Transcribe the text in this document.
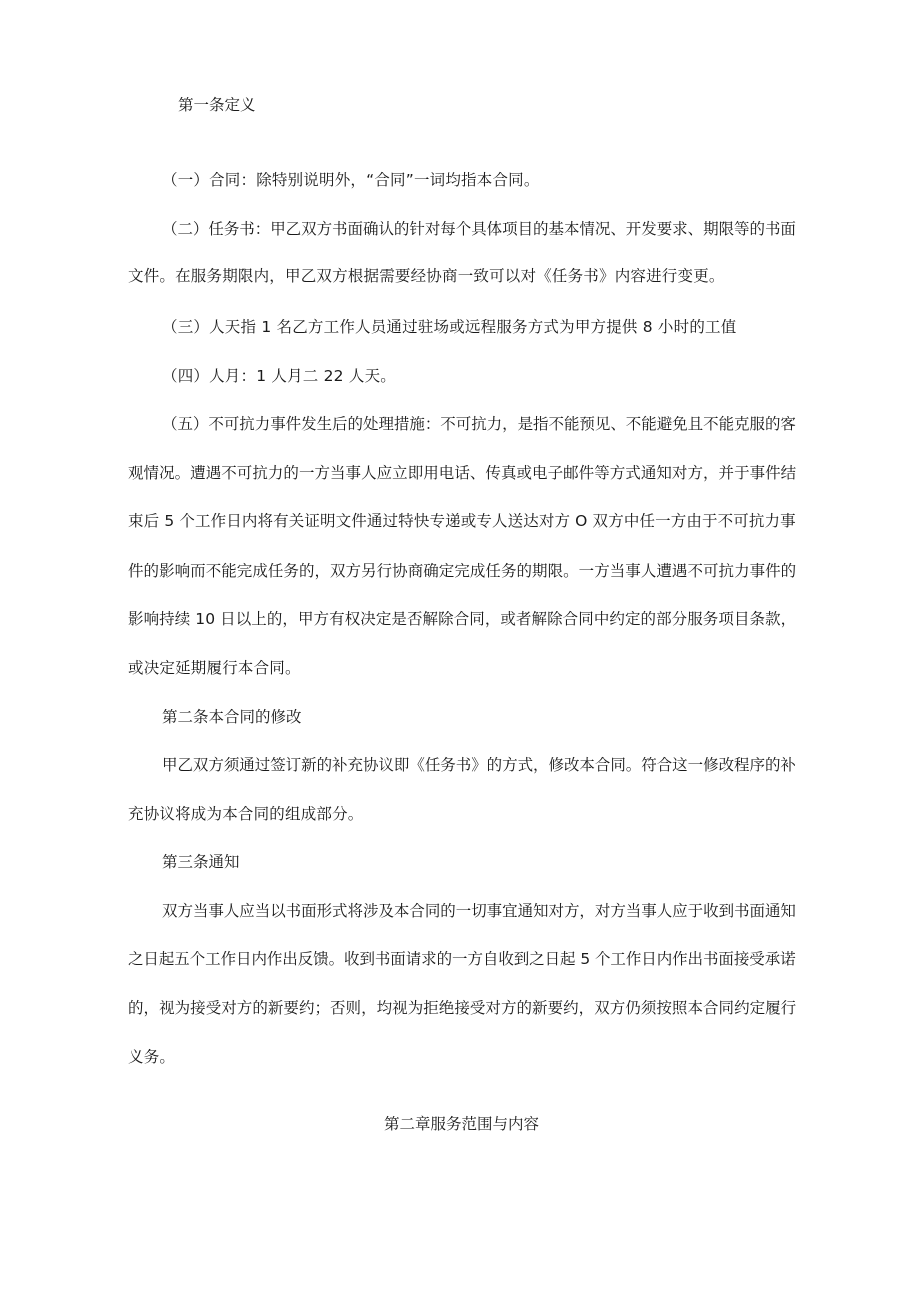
第一条定义
（一）合同：除特别说明外，“合同”一词均指本合同。
（二）任务书：甲乙双方书面确认的针对每个具体项目的基本情况、开发要求、期限等的书面
文件。在服务期限内，甲乙双方根据需要经协商一致可以对《任务书》内容进行变更。
（三）人天指 1 名乙方工作人员通过驻场或远程服务方式为甲方提供 8 小时的工值
（四）人月：1 人月二 22 人天。
（五）不可抗力事件发生后的处理措施：不可抗力，是指不能预见、不能避免且不能克服的客
观情况。遭遇不可抗力的一方当事人应立即用电话、传真或电子邮件等方式通知对方，并于事件结
束后 5 个工作日内将有关证明文件通过特快专递或专人送达对方 O 双方中任一方由于不可抗力事
件的影响而不能完成任务的，双方另行协商确定完成任务的期限。一方当事人遭遇不可抗力事件的
影响持续 10 日以上的，甲方有权决定是否解除合同，或者解除合同中约定的部分服务项目条款，
或决定延期履行本合同。
第二条本合同的修改
甲乙双方须通过签订新的补充协议即《任务书》的方式，修改本合同。符合这一修改程序的补
充协议将成为本合同的组成部分。
第三条通知
双方当事人应当以书面形式将涉及本合同的一切事宜通知对方，对方当事人应于收到书面通知
之日起五个工作日内作出反馈。收到书面请求的一方自收到之日起 5 个工作日内作出书面接受承诺
的，视为接受对方的新要约；否则，均视为拒绝接受对方的新要约，双方仍须按照本合同约定履行
义务。
第二章服务范围与内容
